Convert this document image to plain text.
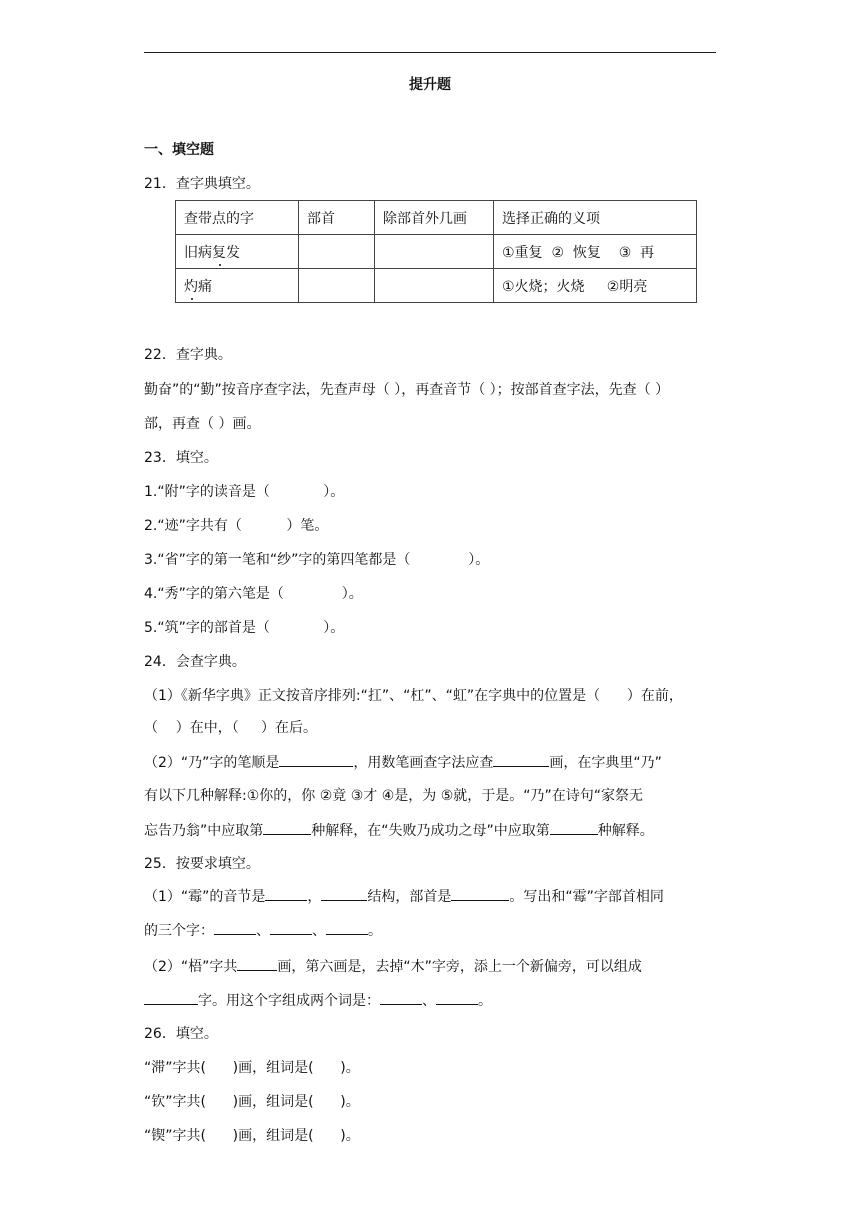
提升题
一、填空题
21．查字典填空。
查带点的字	部首	除部首外几画	选择正确的义项
旧病复发			①重复  ②  恢复    ③  再
灼痛			①火烧；火烧     ②明亮
22．查字典。
勤奋”的“勤”按音序查字法，先查声母（ ），再查音节（ ）；按部首查字法，先查（ ）
部，再查（ ）画。
23．填空。
1.“附”字的读音是（            ）。
2.“迹”字共有（          ）笔。
3.“省”字的第一笔和“纱”字的第四笔都是（             ）。
4.“秀”字的第六笔是（             ）。
5.“筑”字的部首是（            ）。
24．会查字典。
（1）《新华字典》正文按音序排列:“扛”、“杠”、“虹”在字典中的位置是（      ）在前，
（    ）在中，（     ）在后。
（2）“乃”字的笔顺是	，用数笔画查字法应查	画，在字典里“乃”
有以下几种解释:①你的，你 ②竟 ③才 ④是，为 ⑤就，于是。“乃”在诗句“家祭无
忘告乃翁”中应取第	种解释，在“失败乃成功之母”中应取第	种解释。
25．按要求填空。
（1）“霉”的音节是	，	结构，部首是	。写出和“霉”字部首相同
的三个字：	、	、	。
（2）“梧”字共	画，第六画是，去掉“木”字旁，添上一个新偏旁，可以组成
字。用这个字组成两个词是：	、	。
26．填空。
“滞”字共(      )画，组词是(      )。
“钦”字共(      )画，组词是(      )。
“锲”字共(      )画，组词是(      )。
